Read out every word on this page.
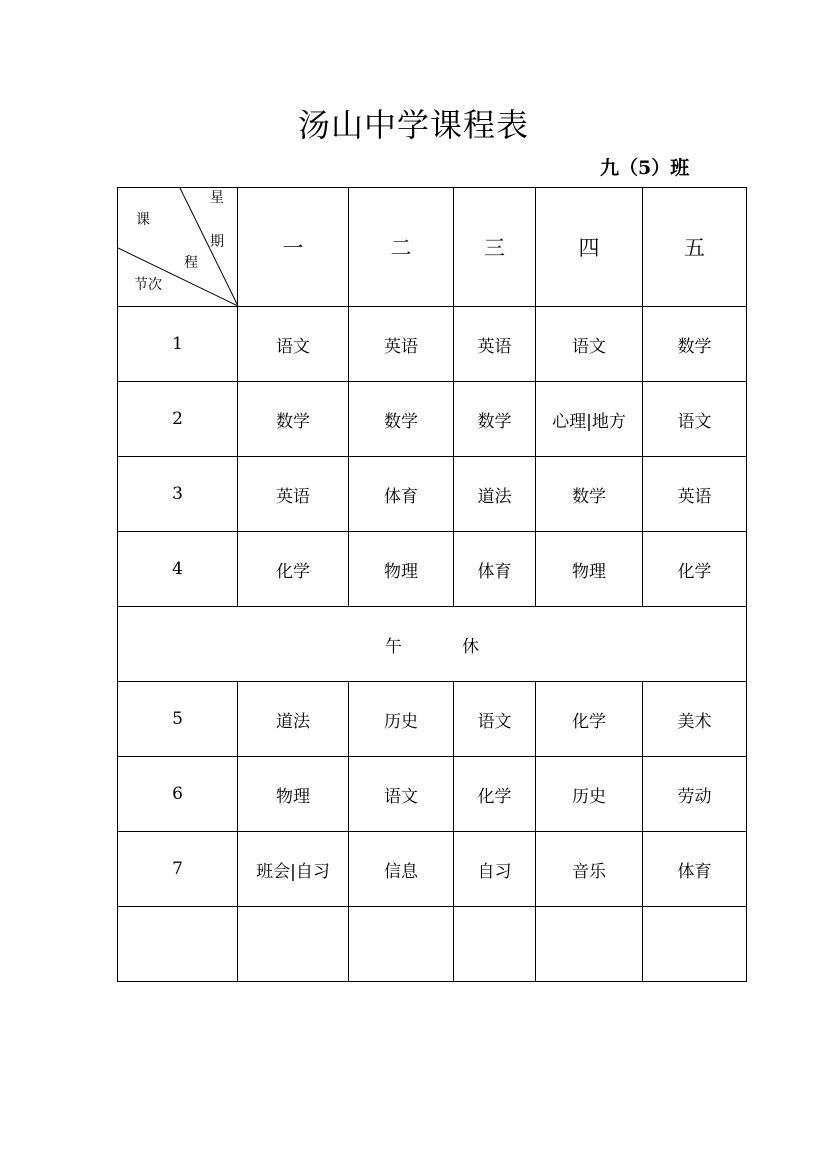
汤山中学课程表
九（5）班
星
期
课
程
节次	一	二	三	四	五
1	语文	英语	英语	语文	数学
2	数学	数学	数学	心理|地方	语文
3	英语	体育	道法	数学	英语
4	化学	物理	体育	物理	化学
午 休					
5	道法	历史	语文	化学	美术
6	物理	语文	化学	历史	劳动
7	班会|自习	信息	自习	音乐	体育
